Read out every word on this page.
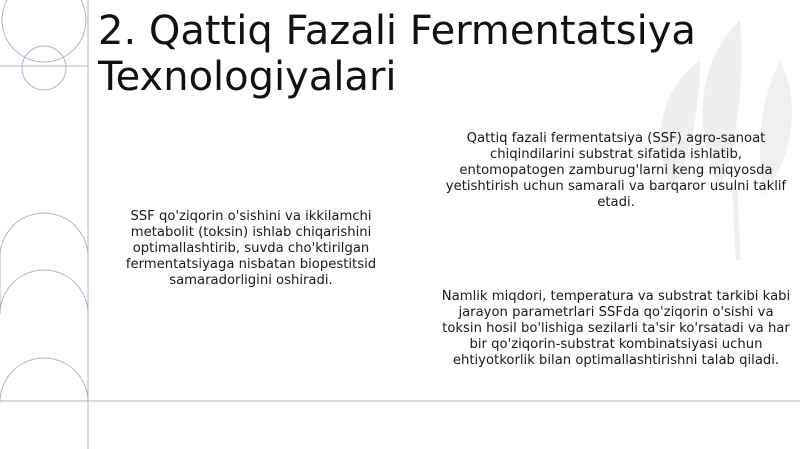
2. Qattiq Fazali Fermentatsiya
Texnologiyalari

SSF qo'ziqorin o'sishini va ikkilamchi metabolit (toksin) ishlab chiqarishini optimallashtirib, suvda cho'ktirilgan fermentatsiyaga nisbatan biopestitsid samaradorligini oshiradi.

Qattiq fazali fermentatsiya (SSF) agro-sanoat chiqindilarini substrat sifatida ishlatib, entomopatogen zamburug'larni keng miqyosda yetishtirish uchun samarali va barqaror usulni taklif etadi.

Namlik miqdori, temperatura va substrat tarkibi kabi jarayon parametrlari SSFda qo'ziqorin o'sishi va toksin hosil bo'lishiga sezilarli ta'sir ko'rsatadi va har bir qo'ziqorin-substrat kombinatsiyasi uchun ehtiyotkorlik bilan optimallashtirishni talab qiladi.
